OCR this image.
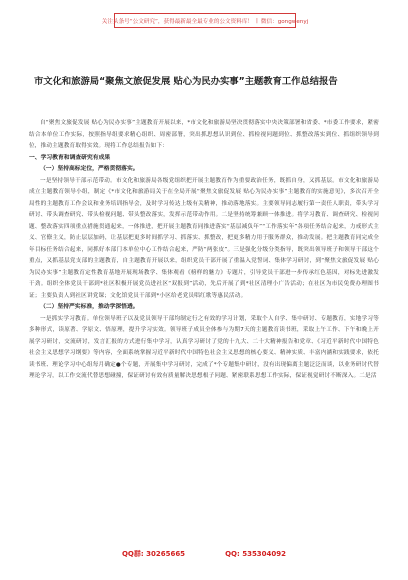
关注头条号“公文研究”，获得最新最全最专业的公文资料库！ | 微信：gongwenyj
市文化和旅游局“聚焦文旅促发展 贴心为民办实事”主题教育工作总结报告

自“聚焦文旅促发展 贴心为民办实事”主题教育开展以来，*市文化和旅游局坚决贯彻落实中央决策部署和省委、*市委工作要求，紧密结合本单位工作实际，按照指导组要求精心组织、周密部署，突出抓思想认识到位、抓检视问题到位、抓整改落实到位、抓组织领导到位，推动主题教育取得实效。现将工作总结报告如下：

一、学习教育和调查研究有成果

（一）坚持高标定位，严格贯彻落实。

一是坚持领导干部示范带动。市文化和旅游局各级党组织把开展主题教育作为重要政治任务，既抓自身，又抓基层。市文化和旅游局成立主题教育领导小组，制定《*市文化和旅游局关于在全局开展“聚焦文旅促发展 贴心为民办实事”主题教育的实施意见》，多次召开全局性的主题教育工作会议和业务培训指导会，及时学习传达上级有关精神，推动落地落实。主要领导同志履行第一责任人职责，带头学习研讨、带头调查研究、带头检视问题、带头整改落实，发挥示范带动作用。二是坚持统筹兼顾一体推进。将学习教育、调查研究、检视问题、整改落实四项重点措施贯通起来，一体推进，把开展主题教育同推进落实“基层减负年”“工作落实年”各项任务结合起来，力戒形式主义、官僚主义，防止层层加码，让基层把更多时间抓学习、抓落实、抓整改，把更多精力用于服务群众，推动发展。把主题教育同完成全年目标任务结合起来，同抓好本部门本单位中心工作结合起来，严防“两张皮”。三是强化分级分类指导，既突出领导班子和领导干部这个重点，又抓基层党支部的主题教育，自主题教育开展以来，组织党员干部开展了重温入党誓词、集体学习研讨，到“聚焦文旅促发展 贴心为民办实事”主题教育定性教育基地开展现场教学、集体观看《榜样的魅力》专题片，引导党员干部进一步传承红色基因，对标先进激发干劲。组织全体党员干部到*社区积极开展党员进社区“双报到”活动，先后开展了到*社区清理小广告活动；在社区为市民免费办理图书证；主要负责人到社区讲党课；文化馆党员干部到*小区给老党员唱红歌等惠民活动。

（二）坚持严实标准，推动学深悟透。

一是抓实学习教育。单位领导班子以及党员领导干部均制定行之有效的学习计划，采取个人自学、集中研讨、专题教育，实地学习等多种形式，读原著、学原文、悟原理，提升学习实效。领导班子成员全体参与为期7天的主题教育读书班，采取上午工作、下午和晚上开展学习研讨，交流研讨，发言汇报的方式进行集中学习，认真学习研讨了党的十九大、二十大精神报告和党章、《习近平新时代中国特色社会主义思想学习纲要》等内容，全面系统掌握习近平新时代中国特色社会主义思想的核心要义、精神实质、丰富内涵和实践要求，依托读书班、理论学习中心组每月确定●个专题，开展集中学习研讨，完成了*个专题集中研讨，没有出现偏离主题泛泛而谈，以业务研讨代替理论学习，以工作交流代替思想碰撞，保证研讨有效有质量解决思想根子问题、紧密联系思想工作实际，保证视觉研讨不断深入。二是活

QQ群: 30265665	QQ: 535304092
